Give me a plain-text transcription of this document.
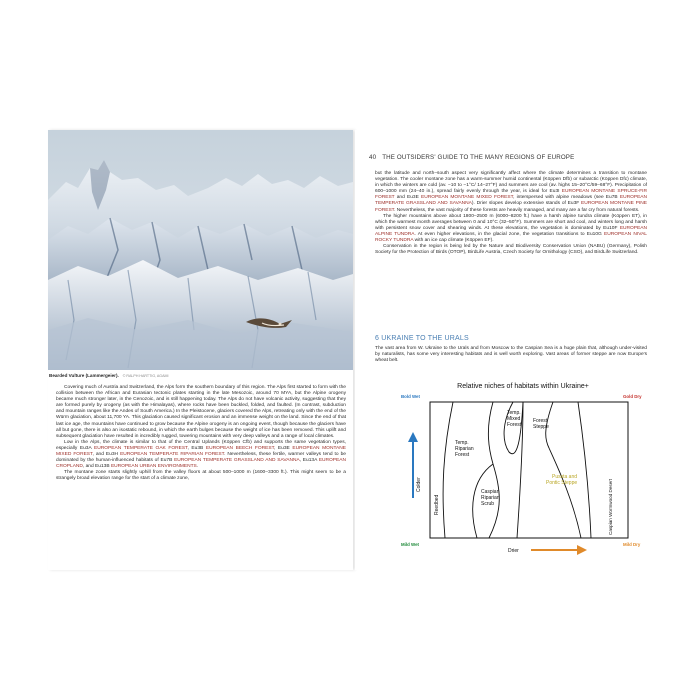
Bearded Vulture (Lammergeier). © RALPH HARTTIG, AGAMI

Covering much of Austria and Switzerland, the Alps form the southern boundary of this region. The Alps first started to form with the collision between the African and Eurasian tectonic plates starting in the late Mesozoic, around 70 MYA, but the Alpine orogeny became much stronger later, in the Cenozoic, and is still happening today. The Alps do not have volcanic activity, suggesting that they are formed purely by orogeny (as with the Himalayas), where rocks have been buckled, folded, and faulted. (In contrast, subduction and mountain ranges like the Andes of South America.) In the Pleistocene, glaciers covered the Alps, retreating only with the end of the Würm glaciation, about 11,700 YA. This glaciation caused significant erosion and an immense weight on the land. Since the end of that last ice age, the mountains have continued to grow because the Alpine orogeny is an ongoing event, though because the glaciers have all but gone, there is also an isostatic rebound, in which the earth bulges because the weight of ice has been removed. This uplift and subsequent glaciation have resulted in incredibly rugged, towering mountains with very deep valleys and a range of local climates.

Low in the Alps, the climate is similar to that of the Central Uplands (Köppen Cfb) and supports the same vegetation types, especially Eu3A EUROPEAN TEMPERATE OAK FOREST, Eu3B EUROPEAN BEECH FOREST, Eu3E EUROPEAN MONTANE MIXED FOREST, and Eu3H EUROPEAN TEMPERATE RIPARIAN FOREST. Nevertheless, these fertile, warmer valleys tend to be dominated by the human-influenced habitats of Eu7B EUROPEAN TEMPERATE GRASSLAND AND SAVANNA, Eu13A EUROPEAN CROPLAND, and Eu13B EUROPEAN URBAN ENVIRONMENTS.

The montane zone starts slightly uphill from the valley floors at about 500–1000 m (1600–3300 ft.). This might seem to be a strangely broad elevation range for the start of a climate zone,

40 THE OUTSIDERS' GUIDE TO THE MANY REGIONS OF EUROPE

but the latitude and north–south aspect very significantly affect where the climate determines a transition to montane vegetation. The cooler montane zone has a warm-summer humid continental (Köppen Dfb) or subarctic (Köppen Dfc) climate, in which the winters are cold (av. −10 to −1°C/ 14–27°F) and summers are cool (av. highs 15–20°C/59–68°F). Precipitation of 600–1000 mm (24–40 in.), spread fairly evenly through the year, is ideal for Eu3I EUROPEAN MONTANE SPRUCE-FIR FOREST and Eu3E EUROPEAN MONTANE MIXED FOREST, interspersed with alpine meadows (see Eu7B EUROPEAN TEMPERATE GRASSLAND AND SAVANNA). Drier slopes develop extensive stands of Eu3F EUROPEAN MONTANE PINE FOREST. Nevertheless, the vast majority of these forests are heavily managed, and many are a far cry from natural forests.

The higher mountains above about 1800–2500 m (6000–8200 ft.) have a harsh alpine tundra climate (Köppen ET), in which the warmest month averages between 0 and 10°C (32–50°F). Summers are short and cool, and winters long and harsh with persistent snow cover and shearing winds. At these elevations, the vegetation is dominated by Eu10F EUROPEAN ALPINE TUNDRA. At even higher elevations, in the glacial zone, the vegetation transitions to Eu10G EUROPEAN NIVAL ROCKY TUNDRA with an ice cap climate (Köppen EF).

Conservation in the region is being led by the Nature and Biodiversity Conservation Union (NABU) (Germany), Polish Society for the Protection of Birds (OTOP), BirdLife Austria, Czech Society for Ornithology (CSO), and BirdLife Switzerland.

6 UKRAINE TO THE URALS

The vast area from W. Ukraine to the Urals and from Moscow to the Caspian Sea is a huge plain that, although under-visited by naturalists, has some very interesting habitats and is well worth exploring. Vast areas of former steppe are now Europe's wheat belt.

Relative niches of habitats within Ukraine+
Bold Wet	Gold Dry
Mild Wet	Mild Dry
Reedbed
Temp.
Riparian
Forest
Temp.
Mixed
Forest
Caspian
Riparian
Scrub
Forest
Steppe
Pussta and
Pontic Steppe	Caspian Wormwood Desert
Colder
Drier
